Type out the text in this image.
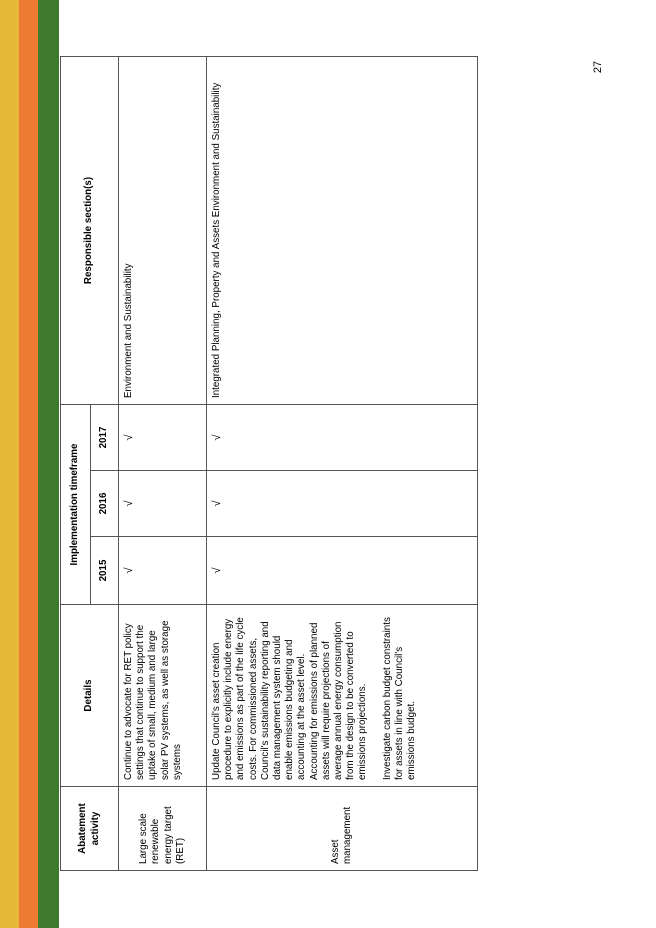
27
Abatement activity	Details	Implementation timeframe			Responsible section(s)
		2015	2016	2017	
Large scale renewable energy target (RET)	Continue to advocate for RET policy settings that continue to support the uptake of small, medium and large solar PV systems, as well as storage systems	√	√	√	Environment and Sustainability
Asset management	Update Council's asset creation procedure to explicitly include energy and emissions as part of the life cycle costs. For commissioned assets, Council's sustainability reporting and data management system should enable emissions budgeting and accounting at the asset level. Accounting for emissions of planned assets will require projections of average annual energy consumption from the design to be converted to emissions projections. Investigate carbon budget constraints for assets in line with Council's emissions budget.	√	√	√	Integrated Planning, Property and Assets Environment and Sustainability
